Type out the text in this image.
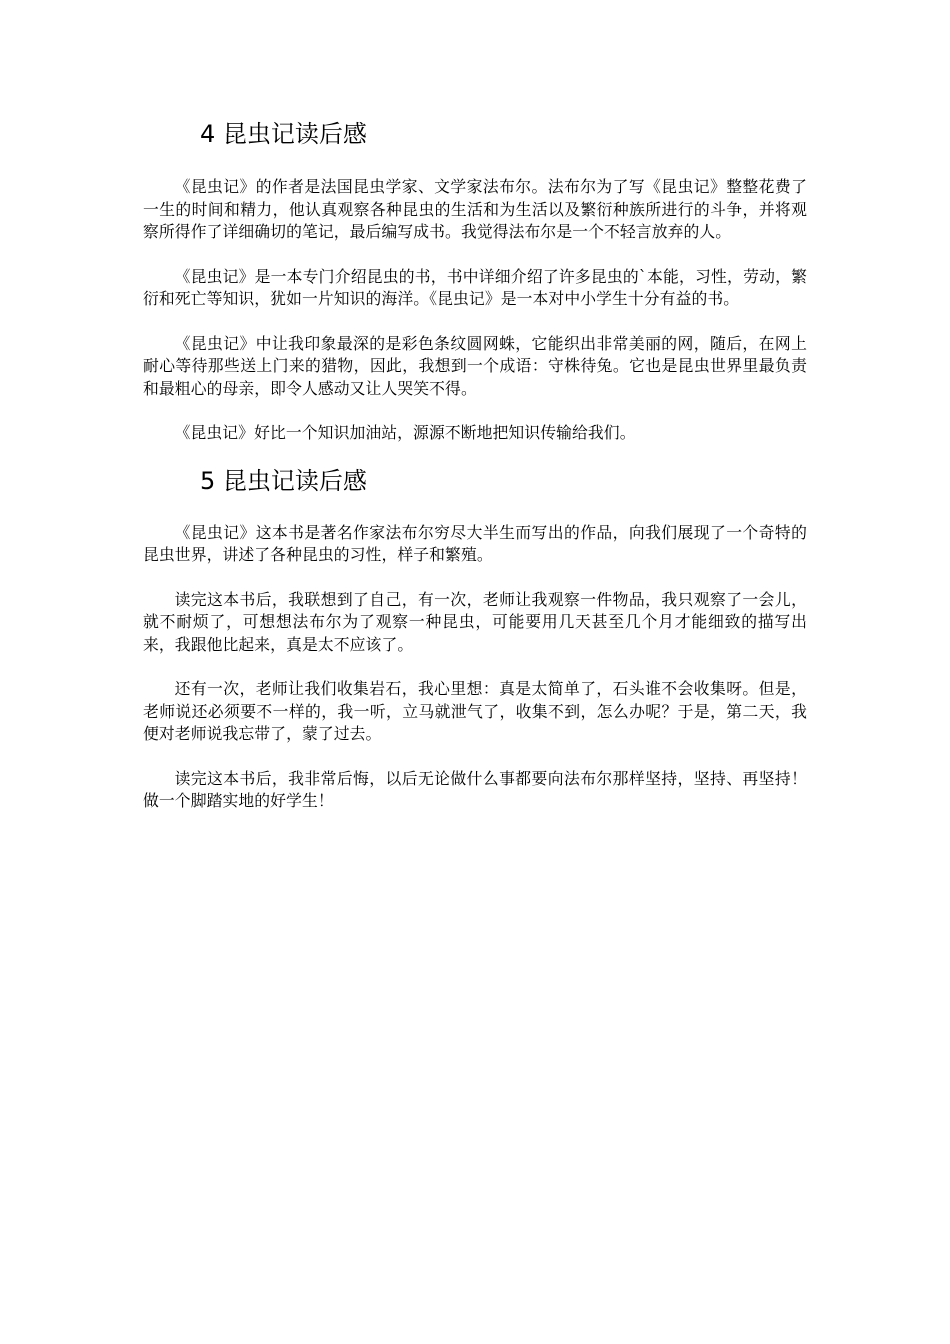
4 昆虫记读后感

《昆虫记》的作者是法国昆虫学家、文学家法布尔。法布尔为了写《昆虫记》整整花费了一生的时间和精力，他认真观察各种昆虫的生活和为生活以及繁衍种族所进行的斗争，并将观察所得作了详细确切的笔记，最后编写成书。我觉得法布尔是一个不轻言放弃的人。

《昆虫记》是一本专门介绍昆虫的书，书中详细介绍了许多昆虫的`本能，习性，劳动，繁衍和死亡等知识，犹如一片知识的海洋。《昆虫记》是一本对中小学生十分有益的书。

《昆虫记》中让我印象最深的是彩色条纹圆网蛛，它能织出非常美丽的网，随后，在网上耐心等待那些送上门来的猎物，因此，我想到一个成语：守株待兔。它也是昆虫世界里最负责和最粗心的母亲，即令人感动又让人哭笑不得。

《昆虫记》好比一个知识加油站，源源不断地把知识传输给我们。

5 昆虫记读后感

《昆虫记》这本书是著名作家法布尔穷尽大半生而写出的作品，向我们展现了一个奇特的昆虫世界，讲述了各种昆虫的习性，样子和繁殖。

读完这本书后，我联想到了自己，有一次，老师让我观察一件物品，我只观察了一会儿，就不耐烦了，可想想法布尔为了观察一种昆虫，可能要用几天甚至几个月才能细致的描写出来，我跟他比起来，真是太不应该了。

还有一次，老师让我们收集岩石，我心里想：真是太简单了，石头谁不会收集呀。但是，老师说还必须要不一样的，我一听，立马就泄气了，收集不到，怎么办呢？于是，第二天，我便对老师说我忘带了，蒙了过去。

读完这本书后，我非常后悔，以后无论做什么事都要向法布尔那样坚持，坚持、再坚持！做一个脚踏实地的好学生！
